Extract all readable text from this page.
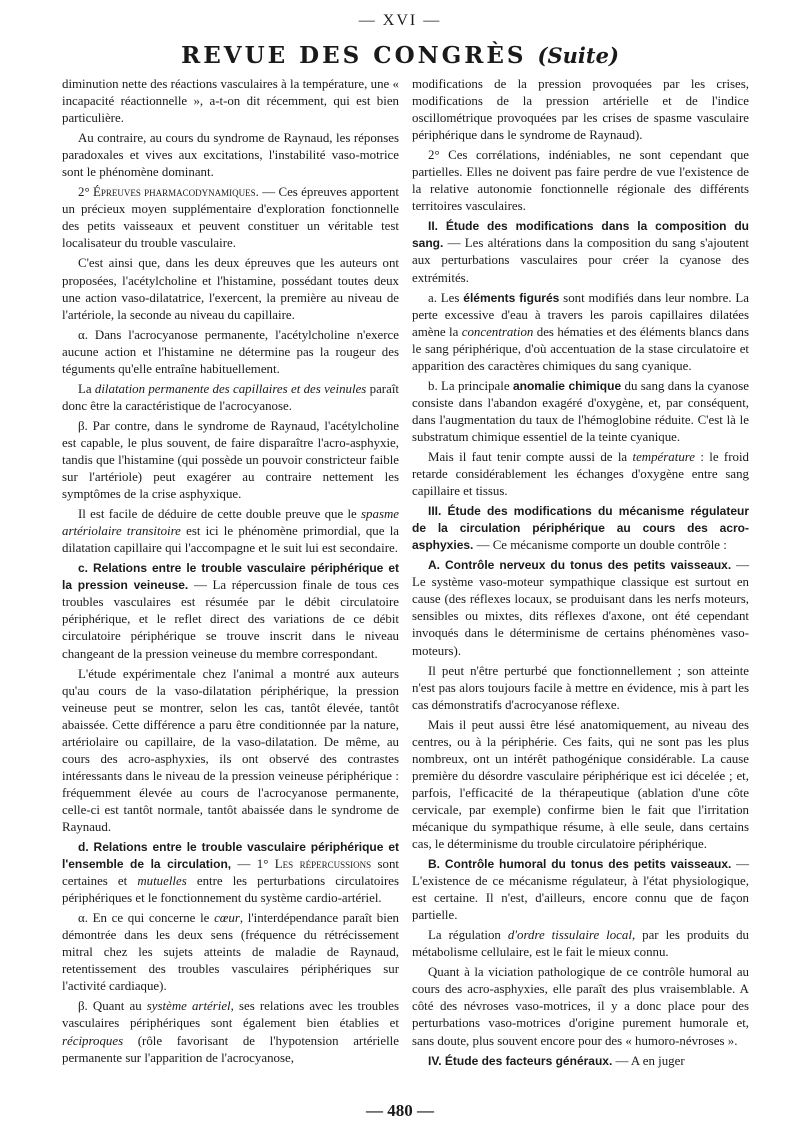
— XVI —
REVUE DES CONGRÈS (Suite)

diminution nette des réactions vasculaires à la température, une « incapacité réactionnelle », a-t-on dit récemment, qui est bien particulière.

Au contraire, au cours du syndrome de Raynaud, les réponses paradoxales et vives aux excitations, l'instabilité vaso-motrice sont le phénomène dominant.

2° Épreuves pharmacodynamiques. — Ces épreuves apportent un précieux moyen supplémentaire d'exploration fonctionnelle des petits vaisseaux et peuvent constituer un véritable test localisateur du trouble vasculaire.

C'est ainsi que, dans les deux épreuves que les auteurs ont proposées, l'acétylcholine et l'histamine, possédant toutes deux une action vaso-dilatatrice, l'exercent, la première au niveau de l'artériole, la seconde au niveau du capillaire.

α. Dans l'acrocyanose permanente, l'acétylcholine n'exerce aucune action et l'histamine ne détermine pas la rougeur des téguments qu'elle entraîne habituellement.

La dilatation permanente des capillaires et des veinules paraît donc être la caractéristique de l'acrocyanose.

β. Par contre, dans le syndrome de Raynaud, l'acétylcholine est capable, le plus souvent, de faire disparaître l'acro-asphyxie, tandis que l'histamine (qui possède un pouvoir constricteur faible sur l'artériole) peut exagérer au contraire nettement les symptômes de la crise asphyxique.

Il est facile de déduire de cette double preuve que le spasme artériolaire transitoire est ici le phénomène primordial, que la dilatation capillaire qui l'accompagne et le suit lui est secondaire.

c. Relations entre le trouble vasculaire périphérique et la pression veineuse. — La répercussion finale de tous ces troubles vasculaires est résumée par le débit circulatoire périphérique, et le reflet direct des variations de ce débit circulatoire périphérique se trouve inscrit dans le niveau changeant de la pression veineuse du membre correspondant.

L'étude expérimentale chez l'animal a montré aux auteurs qu'au cours de la vaso-dilatation périphérique, la pression veineuse peut se montrer, selon les cas, tantôt élevée, tantôt abaissée. Cette différence a paru être conditionnée par la nature, artériolaire ou capillaire, de la vaso-dilatation. De même, au cours des acro-asphyxies, ils ont observé des contrastes intéressants dans le niveau de la pression veineuse périphérique : fréquemment élevée au cours de l'acrocyanose permanente, celle-ci est tantôt normale, tantôt abaissée dans le syndrome de Raynaud.

d. Relations entre le trouble vasculaire périphérique et l'ensemble de la circulation, — 1° Les répercussions sont certaines et mutuelles entre les perturbations circulatoires périphériques et le fonctionnement du système cardio-artériel.

α. En ce qui concerne le cœur, l'interdépendance paraît bien démontrée dans les deux sens (fréquence du rétrécissement mitral chez les sujets atteints de maladie de Raynaud, retentissement des troubles vasculaires périphériques sur l'activité cardiaque).

β. Quant au système artériel, ses relations avec les troubles vasculaires périphériques sont également bien établies et réciproques (rôle favorisant de l'hypotension artérielle permanente sur l'apparition de l'acrocyanose,

modifications de la pression provoquées par les crises, modifications de la pression artérielle et de l'indice oscillométrique provoquées par les crises de spasme vasculaire périphérique dans le syndrome de Raynaud).

2° Ces corrélations, indéniables, ne sont cependant que partielles. Elles ne doivent pas faire perdre de vue l'existence de la relative autonomie fonctionnelle régionale des différents territoires vasculaires.

II. Étude des modifications dans la composition du sang. — Les altérations dans la composition du sang s'ajoutent aux perturbations vasculaires pour créer la cyanose des extrémités.

a. Les éléments figurés sont modifiés dans leur nombre. La perte excessive d'eau à travers les parois capillaires dilatées amène la concentration des hématies et des éléments blancs dans le sang périphérique, d'où accentuation de la stase circulatoire et apparition des caractères chimiques du sang cyanique.

b. La principale anomalie chimique du sang dans la cyanose consiste dans l'abandon exagéré d'oxygène, et, par conséquent, dans l'augmentation du taux de l'hémoglobine réduite. C'est là le substratum chimique essentiel de la teinte cyanique.

Mais il faut tenir compte aussi de la température : le froid retarde considérablement les échanges d'oxygène entre sang capillaire et tissus.

III. Étude des modifications du mécanisme régulateur de la circulation périphérique au cours des acro-asphyxies. — Ce mécanisme comporte un double contrôle :

A. Contrôle nerveux du tonus des petits vaisseaux. — Le système vaso-moteur sympathique classique est surtout en cause (des réflexes locaux, se produisant dans les nerfs moteurs, sensibles ou mixtes, dits réflexes d'axone, ont été cependant invoqués dans le déterminisme de certains phénomènes vaso-moteurs).

Il peut n'être perturbé que fonctionnellement ; son atteinte n'est pas alors toujours facile à mettre en évidence, mis à part les cas démonstratifs d'acrocyanose réflexe.

Mais il peut aussi être lésé anatomiquement, au niveau des centres, ou à la périphérie. Ces faits, qui ne sont pas les plus nombreux, ont un intérêt pathogénique considérable. La cause première du désordre vasculaire périphérique est ici décelée ; et, parfois, l'efficacité de la thérapeutique (ablation d'une côte cervicale, par exemple) confirme bien le fait que l'irritation mécanique du sympathique résume, à elle seule, dans certains cas, le déterminisme du trouble circulatoire périphérique.

B. Contrôle humoral du tonus des petits vaisseaux. — L'existence de ce mécanisme régulateur, à l'état physiologique, est certaine. Il n'est, d'ailleurs, encore connu que de façon partielle.

La régulation d'ordre tissulaire local, par les produits du métabolisme cellulaire, est le fait le mieux connu.

Quant à la viciation pathologique de ce contrôle humoral au cours des acro-asphyxies, elle paraît des plus vraisemblable. A côté des névroses vaso-motrices, il y a donc place pour des perturbations vaso-motrices d'origine purement humorale et, sans doute, plus souvent encore pour des « humoro-névroses ».

IV. Étude des facteurs généraux. — A en juger

— 480 —
